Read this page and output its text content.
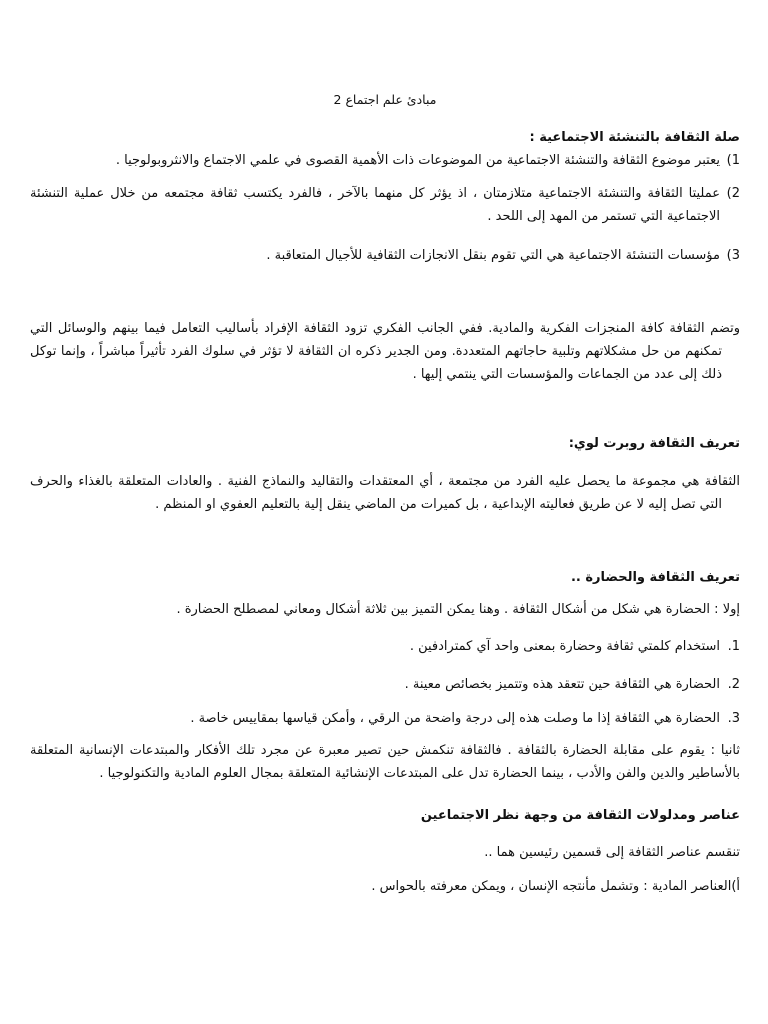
مبادئ علم اجتماع 2

صلة الثقافة بالتنشئة الاجتماعية :

1)
يعتبر موضوع الثقافة والتنشئة الاجتماعية من الموضوعات ذات الأهمية القصوى في علمي الاجتماع والانثروبولوجيا .
2)
عمليتا الثقافة والتنشئة الاجتماعية متلازمتان ، اذ يؤثر كل منهما بالآخر ، فالفرد يكتسب ثقافة مجتمعه من خلال عملية التنشئة الاجتماعية التي تستمر من المهد إلى اللحد .
3)
مؤسسات التنشئة الاجتماعية هي التي تقوم بنقل الانجازات الثقافية للأجيال المتعاقبة .

وتضم الثقافة كافة المنجزات الفكرية والمادية. ففي الجانب الفكري تزود الثقافة الإفراد بأساليب التعامل فيما بينهم والوسائل التي تمكنهم من حل مشكلاتهم وتلبية حاجاتهم المتعددة. ومن الجدير ذكره ان الثقافة لا تؤثر في سلوك الفرد تأثيراً مباشراً ، وإنما توكل ذلك إلى عدد من الجماعات والمؤسسات التي ينتمي إليها .

تعريف الثقافة روبرت لوي:

الثقافة هي مجموعة ما يحصل عليه الفرد من مجتمعة ، أي المعتقدات والتقاليد والنماذج الفنية . والعادات المتعلقة بالغذاء والحرف التي تصل إليه لا عن طريق فعاليته الإبداعية ، بل كميرات من الماضي ينقل إلية بالتعليم العفوي او المنظم .

تعريف الثقافة والحضارة ..

إولا : الحضارة هي شكل من أشكال الثقافة . وهنا يمكن التميز بين ثلاثة أشكال ومعاني لمصطلح الحضارة .

1.
استخدام كلمتي ثقافة وحضارة بمعنى واحد آي كمترادفين .
2.
الحضارة هي الثقافة حين تتعقد هذه وتتميز بخصائص معينة .
3.
الحضارة هي الثقافة إذا ما وصلت هذه إلى درجة واضحة من الرقي ، وأمكن قياسها بمقاييس خاصة .

ثانيا : يقوم على مقابلة الحضارة بالثقافة . فالثقافة تنكمش حين تصير معبرة عن مجرد تلك الأفكار والمبتدعات الإنسانية المتعلقة بالأساطير والدين والفن والأدب ، بينما الحضارة تدل على المبتدعات الإنشائية المتعلقة بمجال العلوم المادية والتكنولوجيا .

عناصر ومدلولات الثقافة من وجهة نظر الاجتماعين

تنقسم عناصر الثقافة إلى قسمين رئيسين هما ..

أ)العناصر المادية : وتشمل مأنتجه الإنسان ، ويمكن معرفته بالحواس .
